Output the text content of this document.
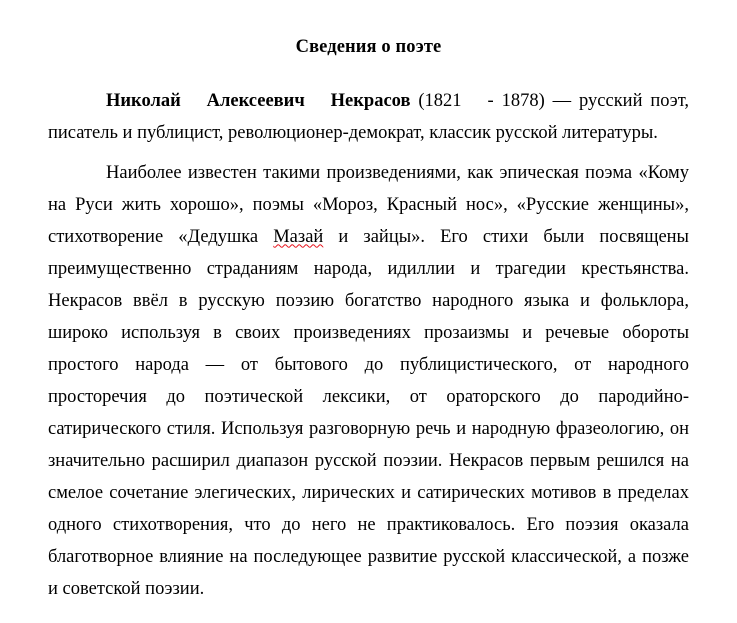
Сведения о поэте

Николай Алексеевич Некрасов (1821 - 1878) — русский поэт, писатель и публицист, революционер-демократ, классик русской литературы.

Наиболее известен такими произведениями, как эпическая поэма «Кому на Руси жить хорошо», поэмы «Мороз, Красный нос», «Русские женщины», стихотворение «Дедушка Мазай и зайцы». Его стихи были посвящены преимущественно страданиям народа, идиллии и трагедии крестьянства. Некрасов ввёл в русскую поэзию богатство народного языка и фольклора, широко используя в своих произведениях прозаизмы и речевые обороты простого народа — от бытового до публицистического, от народного просторечия до поэтической лексики, от ораторского до пародийно-сатирического стиля. Используя разговорную речь и народную фразеологию, он значительно расширил диапазон русской поэзии. Некрасов первым решился на смелое сочетание элегических, лирических и сатирических мотивов в пределах одного стихотворения, что до него не практиковалось. Его поэзия оказала благотворное влияние на последующее развитие русской классической, а позже и советской поэзии.
